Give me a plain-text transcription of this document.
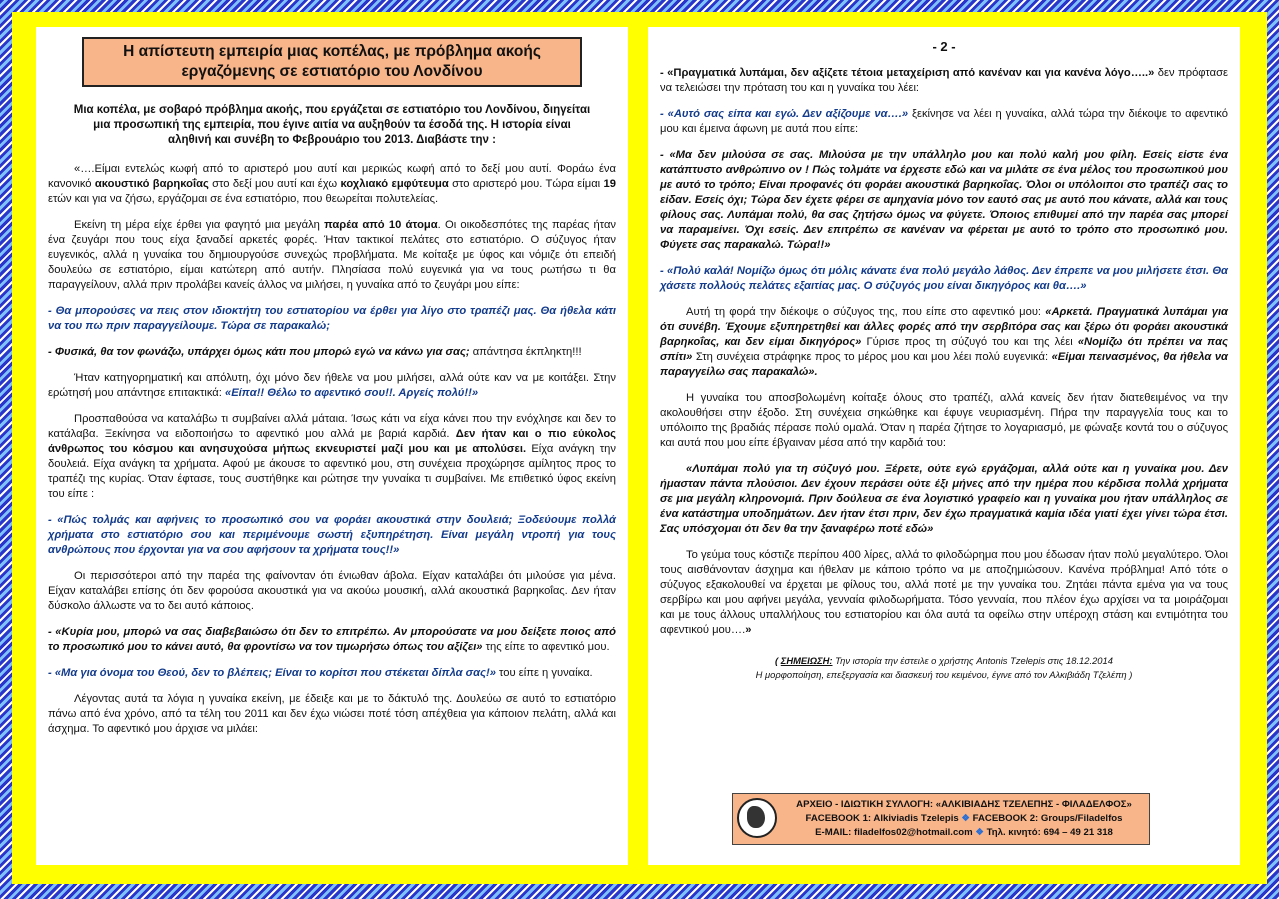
Η απίστευτη εμπειρία μιας κοπέλας, με πρόβλημα ακοής εργαζόμενης σε εστιατόριο του Λονδίνου

Μια κοπέλα, με σοβαρό πρόβλημα ακοής, που εργάζεται σε εστιατόριο του Λονδίνου, διηγείται μια προσωπική της εμπειρία, που έγινε αιτία να αυξηθούν τα έσοδά της. Η ιστορία είναι αληθινή και συνέβη το Φεβρουάριο του 2013. Διαβάστε την :

«….Είμαι εντελώς κωφή από το αριστερό μου αυτί και μερικώς κωφή από το δεξί μου αυτί. Φοράω ένα κανονικό ακουστικό βαρηκοΐας στο δεξί μου αυτί και έχω κοχλιακό εμφύτευμα στο αριστερό μου. Τώρα είμαι 19 ετών και για να ζήσω, εργάζομαι σε ένα εστιατόριο, που θεωρείται πολυτελείας.

Εκείνη τη μέρα είχε έρθει για φαγητό μια μεγάλη παρέα από 10 άτομα. Οι οικοδεσπότες της παρέας ήταν ένα ζευγάρι που τους είχα ξαναδεί αρκετές φορές. Ήταν τακτικοί πελάτες στο εστιατόριο. Ο σύζυγος ήταν ευγενικός, αλλά η γυναίκα του δημιουργούσε συνεχώς προβλήματα. Με κοίταξε με ύφος και νόμιζε ότι επειδή δουλεύω σε εστιατόριο, είμαι κατώτερη από αυτήν. Πλησίασα πολύ ευγενικά για να τους ρωτήσω τι θα παραγγείλουν, αλλά πριν προλάβει κανείς άλλος να μιλήσει, η γυναίκα από το ζευγάρι μου είπε:

- Θα μπορούσες να πεις στον ιδιοκτήτη του εστιατορίου να έρθει για λίγο στο τραπέζι μας. Θα ήθελα κάτι να του πω πριν παραγγείλουμε. Τώρα σε παρακαλώ;

- Φυσικά, θα τον φωνάζω, υπάρχει όμως κάτι που μπορώ εγώ να κάνω για σας; απάντησα έκπληκτη!!!

Ήταν κατηγορηματική και απόλυτη, όχι μόνο δεν ήθελε να μου μιλήσει, αλλά ούτε καν να με κοιτάξει. Στην ερώτησή μου απάντησε επιτακτικά: «Είπα!! Θέλω το αφεντικό σου!!. Αργείς πολύ!!»

Προσπαθούσα να καταλάβω τι συμβαίνει αλλά μάταια. Ίσως κάτι να είχα κάνει που την ενόχλησε και δεν το κατάλαβα. Ξεκίνησα να ειδοποιήσω το αφεντικό μου αλλά με βαριά καρδιά. Δεν ήταν και ο πιο εύκολος άνθρωπος του κόσμου και ανησυχούσα μήπως εκνευριστεί μαζί μου και με απολύσει. Είχα ανάγκη την δουλειά. Είχα ανάγκη τα χρήματα. Αφού με άκουσε το αφεντικό μου, στη συνέχεια προχώρησε αμίλητος προς το τραπέζι της κυρίας. Όταν έφτασε, τους συστήθηκε και ρώτησε την γυναίκα τι συμβαίνει. Με επιθετικό ύφος εκείνη του είπε :

- «Πώς τολμάς και αφήνεις το προσωπικό σου να φοράει ακουστικά στην δουλειά; Ξοδεύουμε πολλά χρήματα στο εστιατόριο σου και περιμένουμε σωστή εξυπηρέτηση. Είναι μεγάλη ντροπή για τους ανθρώπους που έρχονται για να σου αφήσουν τα χρήματα τους!!»

Οι περισσότεροι από την παρέα της φαίνονταν ότι ένιωθαν άβολα. Είχαν καταλάβει ότι μιλούσε για μένα. Είχαν καταλάβει επίσης ότι δεν φορούσα ακουστικά για να ακούω μουσική, αλλά ακουστικά βαρηκοΐας. Δεν ήταν δύσκολο άλλωστε να το δει αυτό κάποιος.

- «Κυρία μου, μπορώ να σας διαβεβαιώσω ότι δεν το επιτρέπω. Αν μπορούσατε να μου δείξετε ποιος από το προσωπικό μου το κάνει αυτό, θα φροντίσω να τον τιμωρήσω όπως του αξίζει» της είπε το αφεντικό μου.

- «Μα για όνομα του Θεού, δεν το βλέπεις; Είναι το κορίτσι που στέκεται δίπλα σας!» του είπε η γυναίκα.

Λέγοντας αυτά τα λόγια η γυναίκα εκείνη, με έδειξε και με το δάκτυλό της. Δουλεύω σε αυτό το εστιατόριο πάνω από ένα χρόνο, από τα τέλη του 2011 και δεν έχω νιώσει ποτέ τόση απέχθεια για κάποιον πελάτη, αλλά και άσχημα. Το αφεντικό μου άρχισε να μιλάει:

- 2 -

- «Πραγματικά λυπάμαι, δεν αξίζετε τέτοια μεταχείριση από κανέναν και για κανένα λόγο…..» δεν πρόφτασε να τελειώσει την πρόταση του και η γυναίκα του λέει:

- «Αυτό σας είπα και εγώ. Δεν αξίζουμε να….» ξεκίνησε να λέει η γυναίκα, αλλά τώρα την διέκοψε το αφεντικό μου και έμεινα άφωνη με αυτά που είπε:

- «Μα δεν μιλούσα σε σας. Μιλούσα με την υπάλληλο μου και πολύ καλή μου φίλη. Εσείς είστε ένα κατάπτυστο ανθρώπινο ον ! Πώς τολμάτε να έρχεστε εδώ και να μιλάτε σε ένα μέλος του προσωπικού μου με αυτό το τρόπο; Είναι προφανές ότι φοράει ακουστικά βαρηκοΐας. Όλοι οι υπόλοιποι στο τραπέζι σας το είδαν. Εσείς όχι; Τώρα δεν έχετε φέρει σε αμηχανία μόνο τον εαυτό σας με αυτό που κάνατε, αλλά και τους φίλους σας. Λυπάμαι πολύ, θα σας ζητήσω όμως να φύγετε. Όποιος επιθυμεί από την παρέα σας μπορεί να παραμείνει. Όχι εσείς. Δεν επιτρέπω σε κανέναν να φέρεται με αυτό το τρόπο στο προσωπικό μου. Φύγετε σας παρακαλώ. Τώρα!!»

- «Πολύ καλά! Νομίζω όμως ότι μόλις κάνατε ένα πολύ μεγάλο λάθος. Δεν έπρεπε να μου μιλήσετε έτσι. Θα χάσετε πολλούς πελάτες εξαιτίας μας. Ο σύζυγός μου είναι δικηγόρος και θα….»

Αυτή τη φορά την διέκοψε ο σύζυγος της, που είπε στο αφεντικό μου: «Αρκετά. Πραγματικά λυπάμαι για ότι συνέβη. Έχουμε εξυπηρετηθεί και άλλες φορές από την σερβιτόρα σας και ξέρω ότι φοράει ακουστικά βαρηκοΐας, και δεν είμαι δικηγόρος» Γύρισε προς τη σύζυγό του και της λέει «Νομίζω ότι πρέπει να πας σπίτι» Στη συνέχεια στράφηκε προς το μέρος μου και μου λέει πολύ ευγενικά: «Είμαι πεινασμένος, θα ήθελα να παραγγείλω σας παρακαλώ».

Η γυναίκα του αποσβολωμένη κοίταξε όλους στο τραπέζι, αλλά κανείς δεν ήταν διατεθειμένος να την ακολουθήσει στην έξοδο. Στη συνέχεια σηκώθηκε και έφυγε νευριασμένη. Πήρα την παραγγελία τους και το υπόλοιπο της βραδιάς πέρασε πολύ ομαλά. Όταν η παρέα ζήτησε το λογαριασμό, με φώναξε κοντά του ο σύζυγος και αυτά που μου είπε έβγαιναν μέσα από την καρδιά του:

«Λυπάμαι πολύ για τη σύζυγό μου. Ξέρετε, ούτε εγώ εργάζομαι, αλλά ούτε και η γυναίκα μου. Δεν ήμασταν πάντα πλούσιοι. Δεν έχουν περάσει ούτε έξι μήνες από την ημέρα που κέρδισα πολλά χρήματα σε μια μεγάλη κληρονομιά. Πριν δούλευα σε ένα λογιστικό γραφείο και η γυναίκα μου ήταν υπάλληλος σε ένα κατάστημα υποδημάτων. Δεν ήταν έτσι πριν, δεν έχω πραγματικά καμία ιδέα γιατί έχει γίνει τώρα έτσι. Σας υπόσχομαι ότι δεν θα την ξαναφέρω ποτέ εδώ»

Το γεύμα τους κόστιζε περίπου 400 λίρες, αλλά το φιλοδώρημα που μου έδωσαν ήταν πολύ μεγαλύτερο. Όλοι τους αισθάνονταν άσχημα και ήθελαν με κάποιο τρόπο να με αποζημιώσουν. Κανένα πρόβλημα! Από τότε ο σύζυγος εξακολουθεί να έρχεται με φίλους του, αλλά ποτέ με την γυναίκα του. Ζητάει πάντα εμένα για να τους σερβίρω και μου αφήνει μεγάλα, γενναία φιλοδωρήματα. Τόσο γενναία, που πλέον έχω αρχίσει να τα μοιράζομαι και με τους άλλους υπαλλήλους του εστιατορίου και όλα αυτά τα οφείλω στην υπέροχη στάση και εντιμότητα του αφεντικού μου….»

( ΣΗΜΕΙΩΣΗ: Την ιστορία την έστειλε ο χρήστης Antonis Tzelepis στις 18.12.2014
Η μορφοποίηση, επεξεργασία και διασκευή του κειμένου, έγινε από τον Αλκιβιάδη Τζελέπη )
ΑΡΧΕΙΟ - ΙΔΙΩΤΙΚΗ ΣΥΛΛΟΓΗ: «ΑΛΚΙΒΙΑΔΗΣ ΤΖΕΛΕΠΗΣ - ΦΙΛΑΔΕΛΦΟΣ»
FACEBOOK 1: Alkiviadis Tzelepis ❖ FACEBOOK 2: Groups/Filadelfos
E-MAIL: filadelfos02@hotmail.com ❖ Τηλ. κινητό: 694 – 49 21 318
